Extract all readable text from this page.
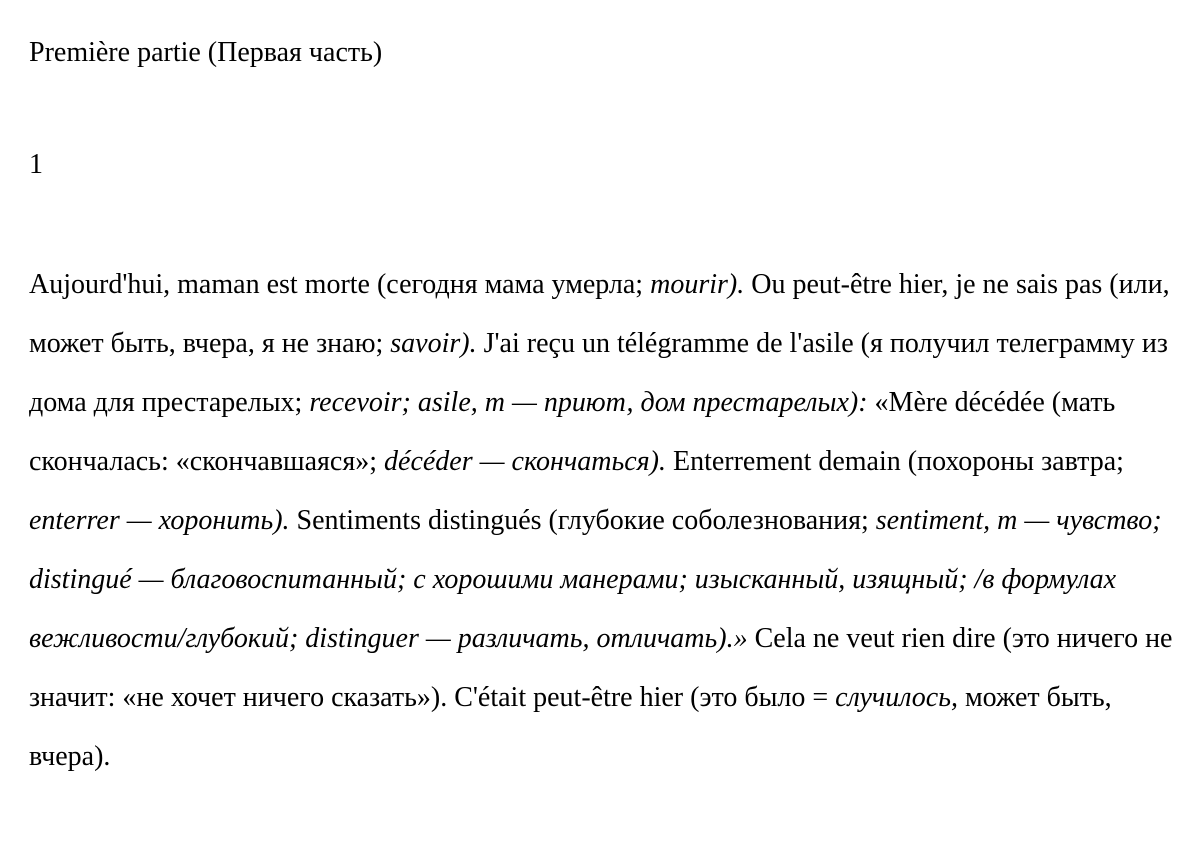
Première partie (Первая часть)
1

Aujourd'hui, maman est morte (сегодня мама умерла; mourir). Ou peut-être hier, je ne sais pas (или, может быть, вчера, я не знаю; savoir). J'ai reçu un télégramme de l'asile (я получил телеграмму из дома для престарелых; recevoir; asile, m — приют, дом престарелых): «Mère décédée (мать скончалась: «скончавшаяся»; décéder — скончаться). Enterrement demain (похороны завтра; enterrer — хоронить). Sentiments distingués (глубокие соболезнования; sentiment, m — чувство; distingué — благовоспитанный; с хорошими манерами; изысканный, изящный; /в формулах вежливости/глубокий; distinguer — различать, отличать).» Cela ne veut rien dire (это ничего не значит: «не хочет ничего сказать»). C'était peut-être hier (это было = случилось, может быть, вчера).
